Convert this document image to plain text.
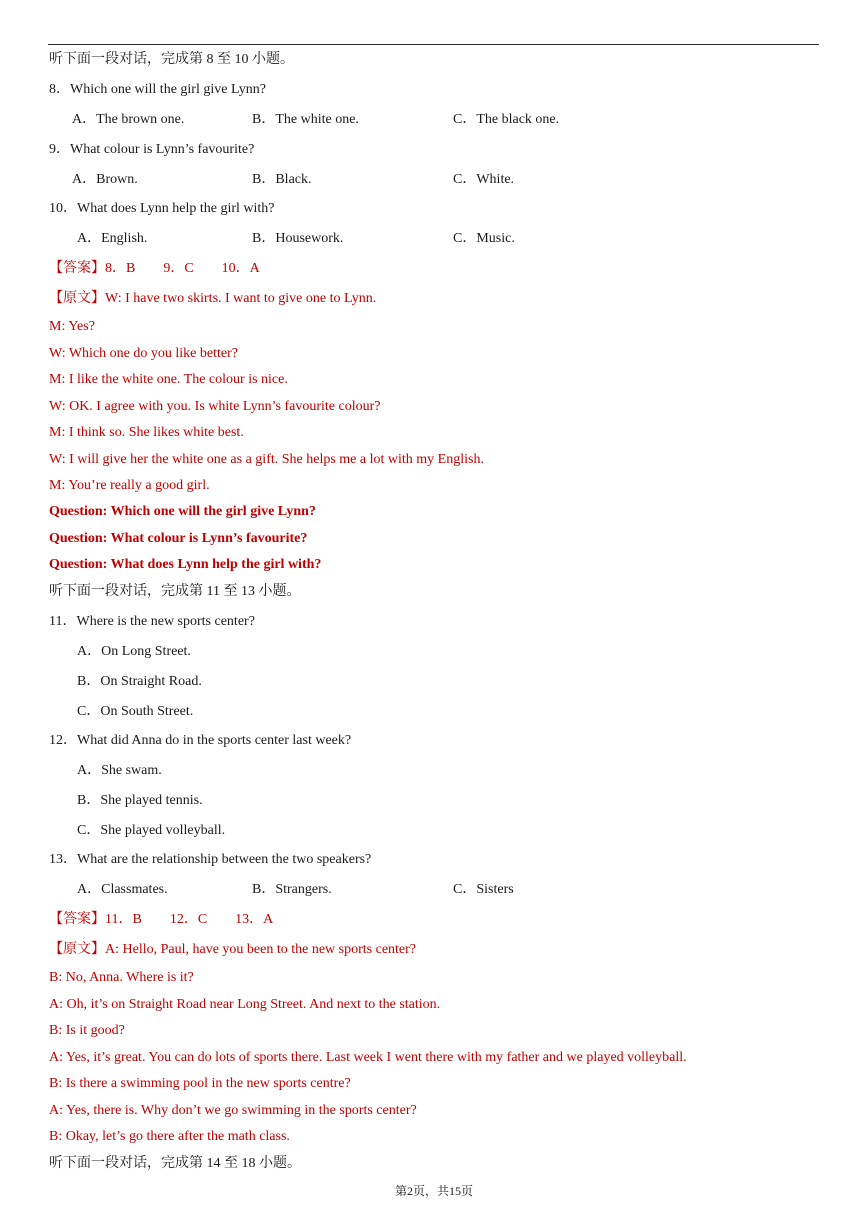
听下面一段对话，完成第 8 至 10 小题。
8．Which one will the girl give Lynn?
A．The brown one.	B．The white one.	C．The black one.
9．What colour is Lynn’s favourite?
A．Brown.	B．Black.	C．White.
10．What does Lynn help the girl with?
A．English.	B．Housework.	C．Music.
【答案】8．B　　9．C　　10．A
【原文】W: I have two skirts. I want to give one to Lynn.
M: Yes?
W: Which one do you like better?
M: I like the white one. The colour is nice.
W: OK. I agree with you. Is white Lynn’s favourite colour?
M: I think so. She likes white best.
W: I will give her the white one as a gift. She helps me a lot with my English.
M: You’re really a good girl.
Question: Which one will the girl give Lynn?
Question: What colour is Lynn’s favourite?
Question: What does Lynn help the girl with?
听下面一段对话，完成第 11 至 13 小题。
11．Where is the new sports center?
A．On Long Street.
B．On Straight Road.
C．On South Street.
12．What did Anna do in the sports center last week?
A．She swam.
B．She played tennis.
C．She played volleyball.
13．What are the relationship between the two speakers?
A．Classmates.	B．Strangers.	C．Sisters
【答案】11．B　　12．C　　13．A
【原文】A: Hello, Paul, have you been to the new sports center?
B: No, Anna. Where is it?
A: Oh, it’s on Straight Road near Long Street. And next to the station.
B: Is it good?
A: Yes, it’s great. You can do lots of sports there. Last week I went there with my father and we played volleyball.
B: Is there a swimming pool in the new sports centre?
A: Yes, there is. Why don’t we go swimming in the sports center?
B: Okay, let’s go there after the math class.
听下面一段对话，完成第 14 至 18 小题。
第2页，共15页
